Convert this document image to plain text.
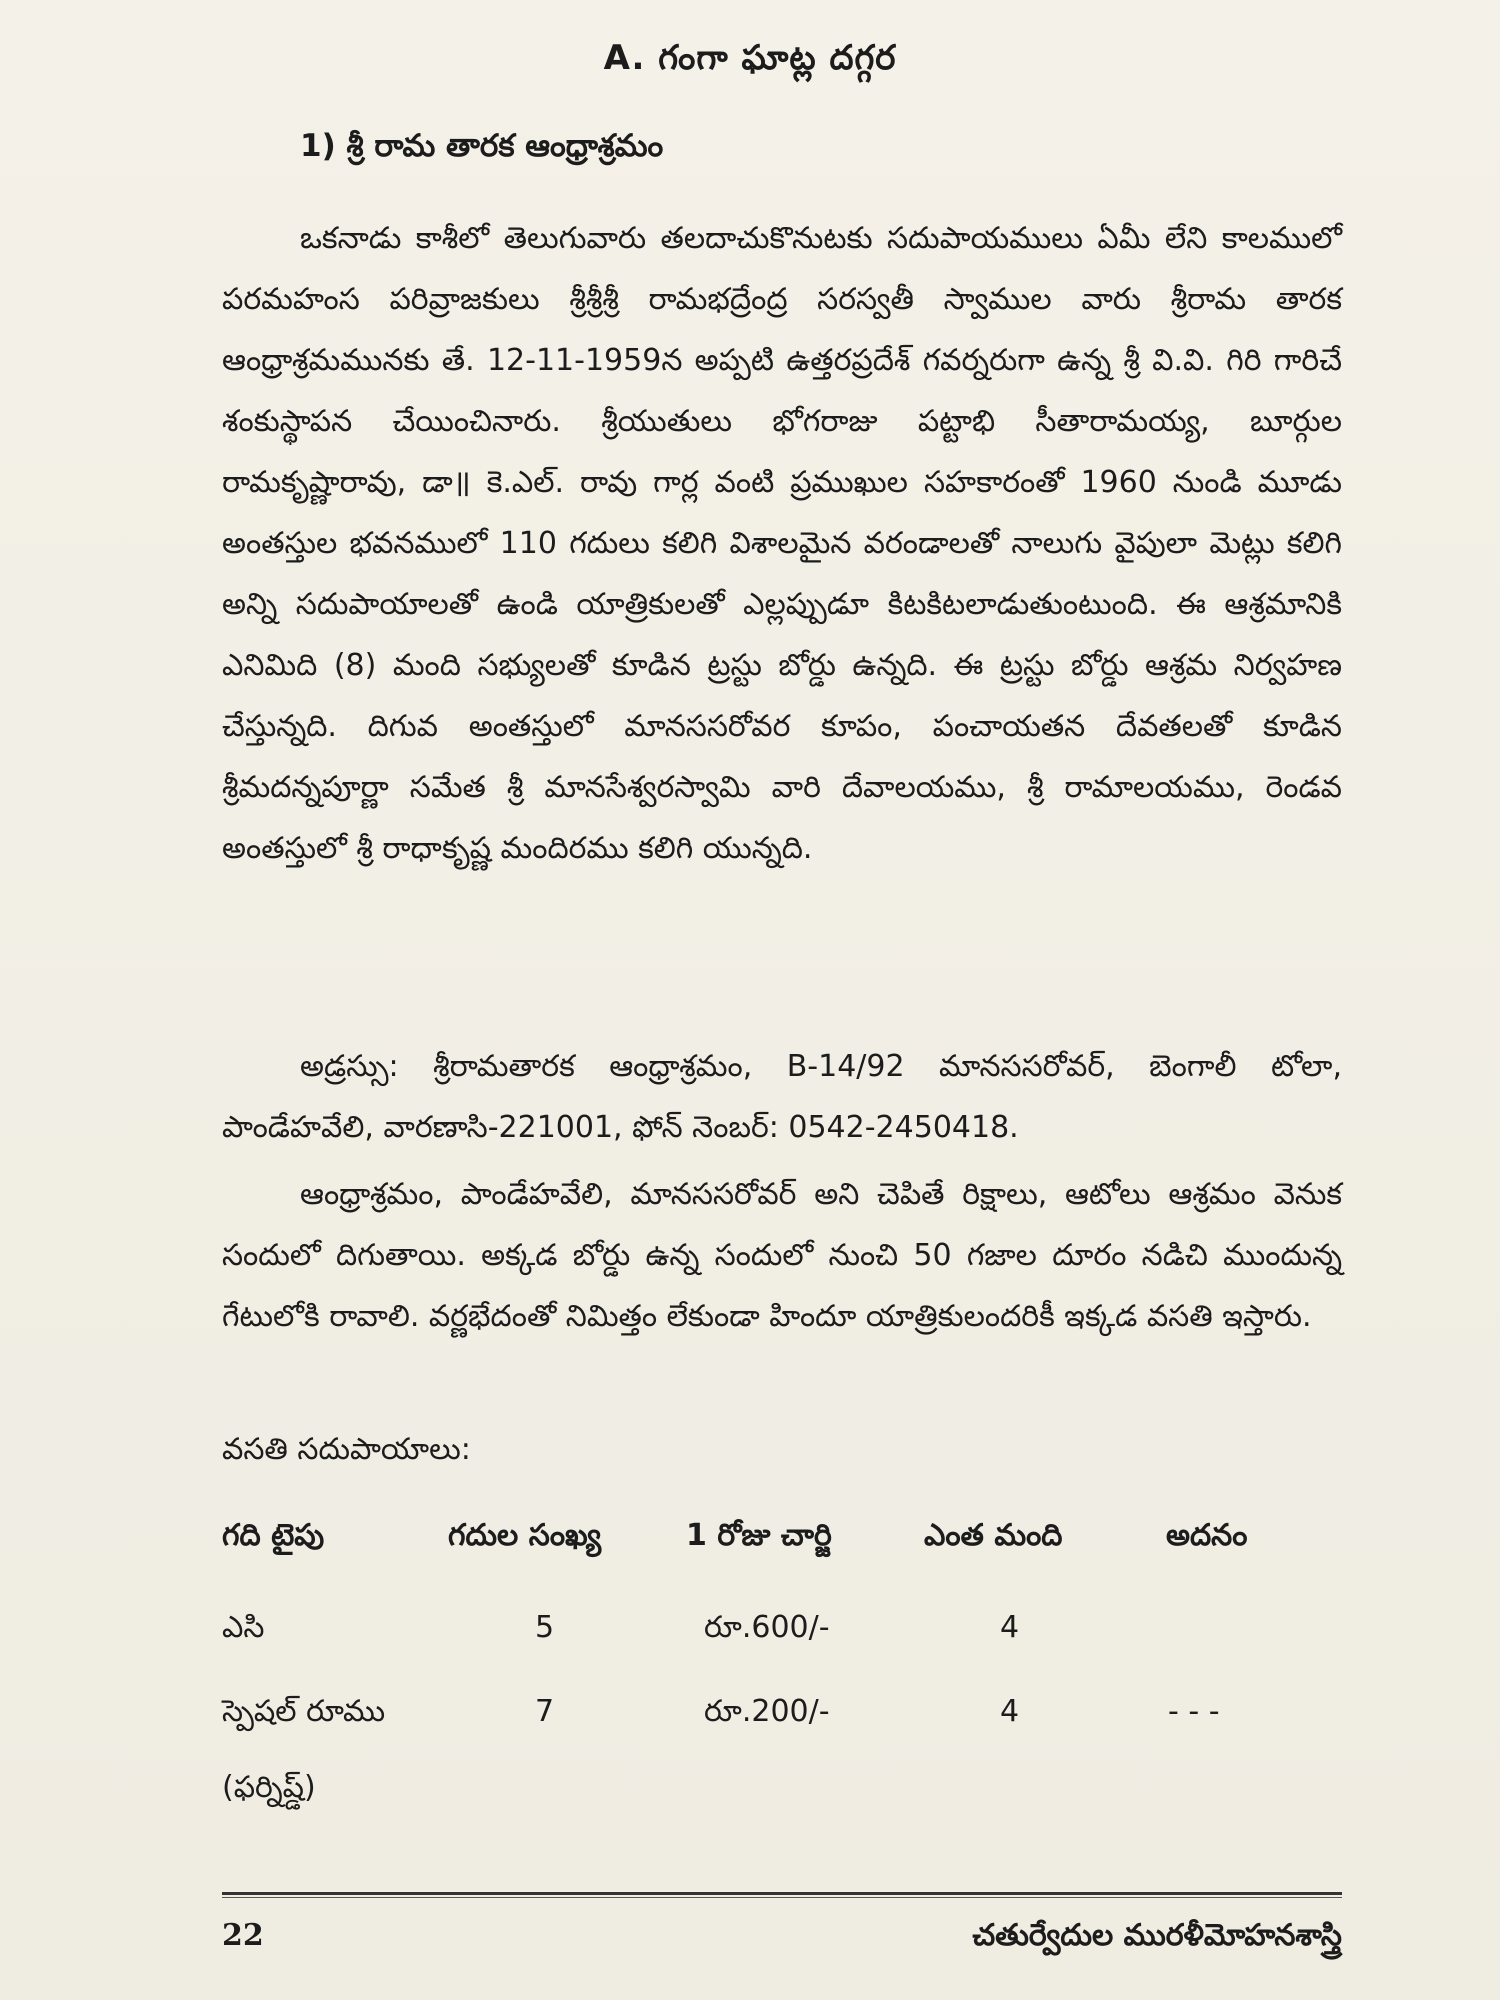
A. గంగా ఘాట్ల దగ్గర
1) శ్రీ రామ తారక ఆంధ్రాశ్రమం
ఒకనాడు కాశీలో తెలుగువారు తలదాచుకొనుటకు సదుపాయములు ఏమీ లేని కాలములో పరమహంస పరివ్రాజకులు శ్రీశ్రీశ్రీ రామభద్రేంద్ర సరస్వతీ స్వాముల వారు శ్రీరామ తారక ఆంధ్రాశ్రమమునకు తే. 12-11-1959న అప్పటి ఉత్తరప్రదేశ్ గవర్నరుగా ఉన్న శ్రీ వి.వి. గిరి గారిచే శంకుస్థాపన చేయించినారు. శ్రీయుతులు భోగరాజు పట్టాభి సీతారామయ్య, బూర్గుల రామకృష్ణారావు, డా॥ కె.ఎల్. రావు గార్ల వంటి ప్రముఖుల సహకారంతో 1960 నుండి మూడు అంతస్తుల భవనములో 110 గదులు కలిగి విశాలమైన వరండాలతో నాలుగు వైపులా మెట్లు కలిగి అన్ని సదుపాయాలతో ఉండి యాత్రికులతో ఎల్లప్పుడూ కిటకిటలాడుతుంటుంది. ఈ ఆశ్రమానికి ఎనిమిది (8) మంది సభ్యులతో కూడిన ట్రస్టు బోర్డు ఉన్నది. ఈ ట్రస్టు బోర్డు ఆశ్రమ నిర్వహణ చేస్తున్నది. దిగువ అంతస్తులో మానససరోవర కూపం, పంచాయతన దేవతలతో కూడిన శ్రీమదన్నపూర్ణా సమేత శ్రీ మానసేశ్వరస్వామి వారి దేవాలయము, శ్రీ రామాలయము, రెండవ అంతస్తులో శ్రీ రాధాకృష్ణ మందిరము కలిగి యున్నది.
అడ్రస్సు: శ్రీరామతారక ఆంధ్రాశ్రమం, B-14/92 మానససరోవర్, బెంగాలీ టోలా, పాండేహవేలి, వారణాసి-221001, ఫోన్ నెంబర్: 0542-2450418.
ఆంధ్రాశ్రమం, పాండేహవేలి, మానససరోవర్ అని చెపితే రిక్షాలు, ఆటోలు ఆశ్రమం వెనుక సందులో దిగుతాయి. అక్కడ బోర్డు ఉన్న సందులో నుంచి 50 గజాల దూరం నడిచి ముందున్న గేటులోకి రావాలి. వర్ణభేదంతో నిమిత్తం లేకుండా హిందూ యాత్రికులందరికీ ఇక్కడ వసతి ఇస్తారు.
వసతి సదుపాయాలు:
గది టైపు	గదుల సంఖ్య	1 రోజు చార్జి	ఎంత మంది	అదనం
ఎసి	5	రూ.600/-	4
స్పెషల్ రూము	7	రూ.200/-	4	- - -
(ఫర్నిష్డ్)
22	చతుర్వేదుల మురళీమోహనశాస్త్రి
